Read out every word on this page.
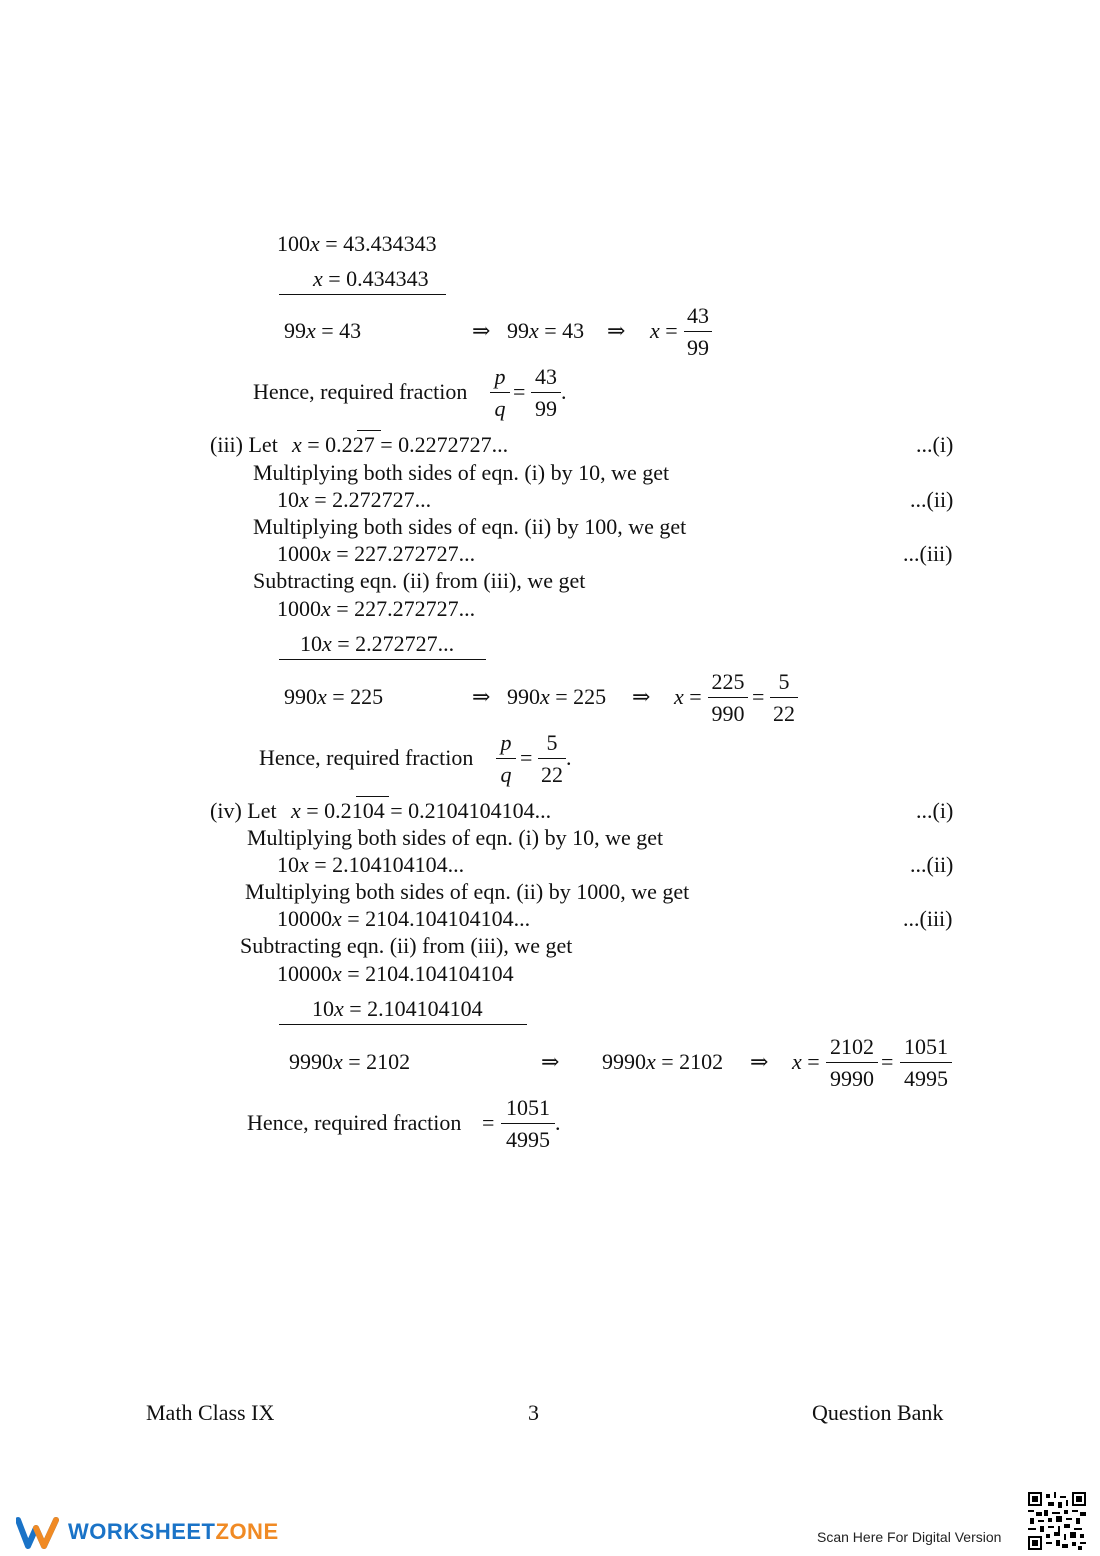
100x = 43.434343
x = 0.434343
99x = 43	⇒ 99x = 43 ⇒ x =
43
99
Hence, required fraction
p
q
=
43
99
.
(iii) Let x = 0.227 = 0.2272727...	...(i)
Multiplying both sides of eqn. (i) by 10, we get
10x = 2.272727...	...(ii)
Multiplying both sides of eqn. (ii) by 100, we get
1000x = 227.272727...	...(iii)
Subtracting eqn. (ii) from (iii), we get
1000x = 227.272727...
10x = 2.272727...
990x = 225	⇒ 990x = 225 ⇒ x =
225
990
=
5
22
Hence, required fraction
p
q
=
5
22
.
(iv) Let x = 0.2104 = 0.2104104104...	...(i)
Multiplying both sides of eqn. (i) by 10, we get
10x = 2.104104104...	...(ii)
Multiplying both sides of eqn. (ii) by 1000, we get
10000x = 2104.104104104...	...(iii)
Subtracting eqn. (ii) from (iii), we get
10000x = 2104.104104104
10x = 2.104104104
9990x = 2102	⇒ 9990x = 2102 ⇒ x =
2102
9990
=
1051
4995
Hence, required fraction =
1051
4995
.
Math Class IX	3	Question Bank
WORKSHEETZONE	Scan Here For Digital Version
